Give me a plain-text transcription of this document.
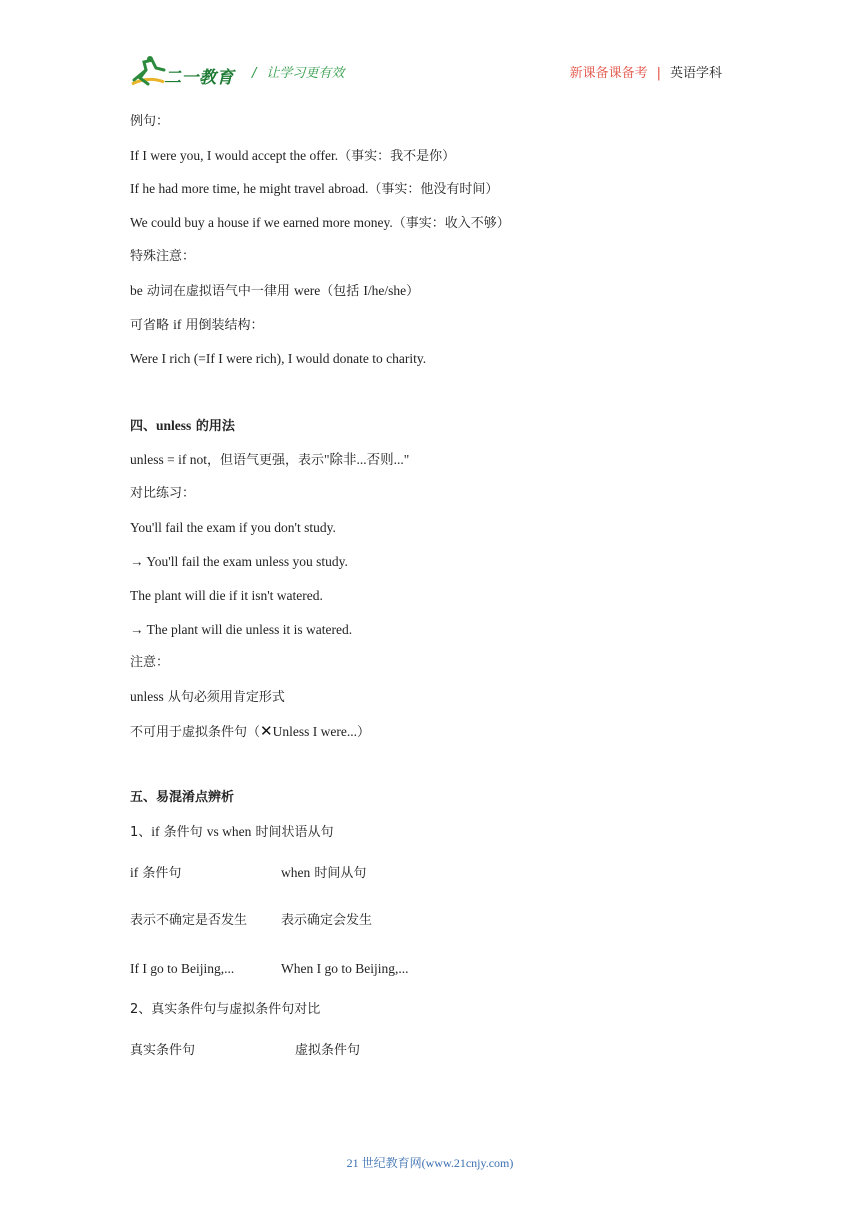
二一教育 / 让学习更有效	新课备课备考 | 英语学科
例句：
If I were you, I would accept the offer.（事实：我不是你）
If he had more time, he might travel abroad.（事实：他没有时间）
We could buy a house if we earned more money.（事实：收入不够）
特殊注意：
be 动词在虚拟语气中一律用 were（包括 I/he/she）
可省略 if 用倒装结构：
Were I rich (=If I were rich), I would donate to charity.
四、unless 的用法
unless = if not，但语气更强，表示"除非...否则..."
对比练习：
You'll fail the exam if you don't study.
→ You'll fail the exam unless you study.
The plant will die if it isn't watered.
→ The plant will die unless it is watered.
注意：
unless 从句必须用肯定形式
不可用于虚拟条件句（✕Unless I were...）
五、易混淆点辨析
1、if 条件句 vs when 时间状语从句
if 条件句	when 时间从句
表示不确定是否发生	表示确定会发生
If I go to Beijing,...	When I go to Beijing,...
2、真实条件句与虚拟条件句对比
真实条件句	虚拟条件句
21 世纪教育网(www.21cnjy.com)
